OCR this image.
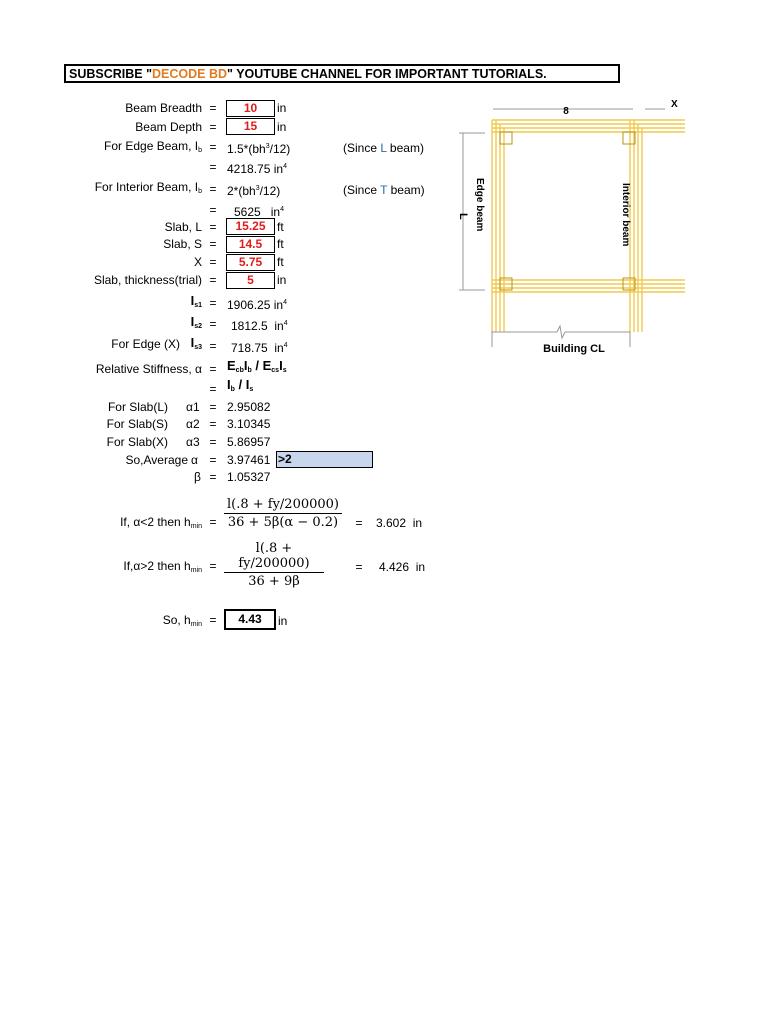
SUBSCRIBE "DECODE BD" YOUTUBE CHANNEL FOR IMPORTANT TUTORIALS.
Beam Breadth =	10	in
Beam Depth =	15	in
For Edge Beam, $I_b = 1.5*(bh^3/12)$	(Since L beam)
= 4218.75 $in^4$
For Interior Beam, $I_b = 2*(bh^3/12)$	(Since T beam)
= 5625 $in^4$
Slab, L =	15.25 ft
Slab, S =	14.5	ft
X =	5.75	ft
Slab, thickness(trial) =	5	in
$I_{s1} = 1906.25$ $in^4$
$I_{s2} = 1812.5$ $in^4$
For Edge (X) $I_{s3} = 718.75$ $in^4$
Relative Stiffness, $\alpha = E_{cb}I_b / E_{cs}I_s$
= $I_b / I_s$
For Slab(L) α1 = 2.95082
For Slab(S) α2 = 3.10345
For Slab(X) α3 = 5.86957
So,Average α = 3.97461 >2
β = 1.05327
If, α<2 then $h_{min} = \frac{l(.8 + fy/200000)}{36 + 5\beta(\alpha - 0.2)} = 3.602$ in
If,α>2 then $h_{min} = \frac{l(.8 + fy/200000)}{36 + 9\beta}$	= 4.426 in
So, $h_{min}$ =	4.43	in
8
X
L Edge beam	Interior beam
Building CL
